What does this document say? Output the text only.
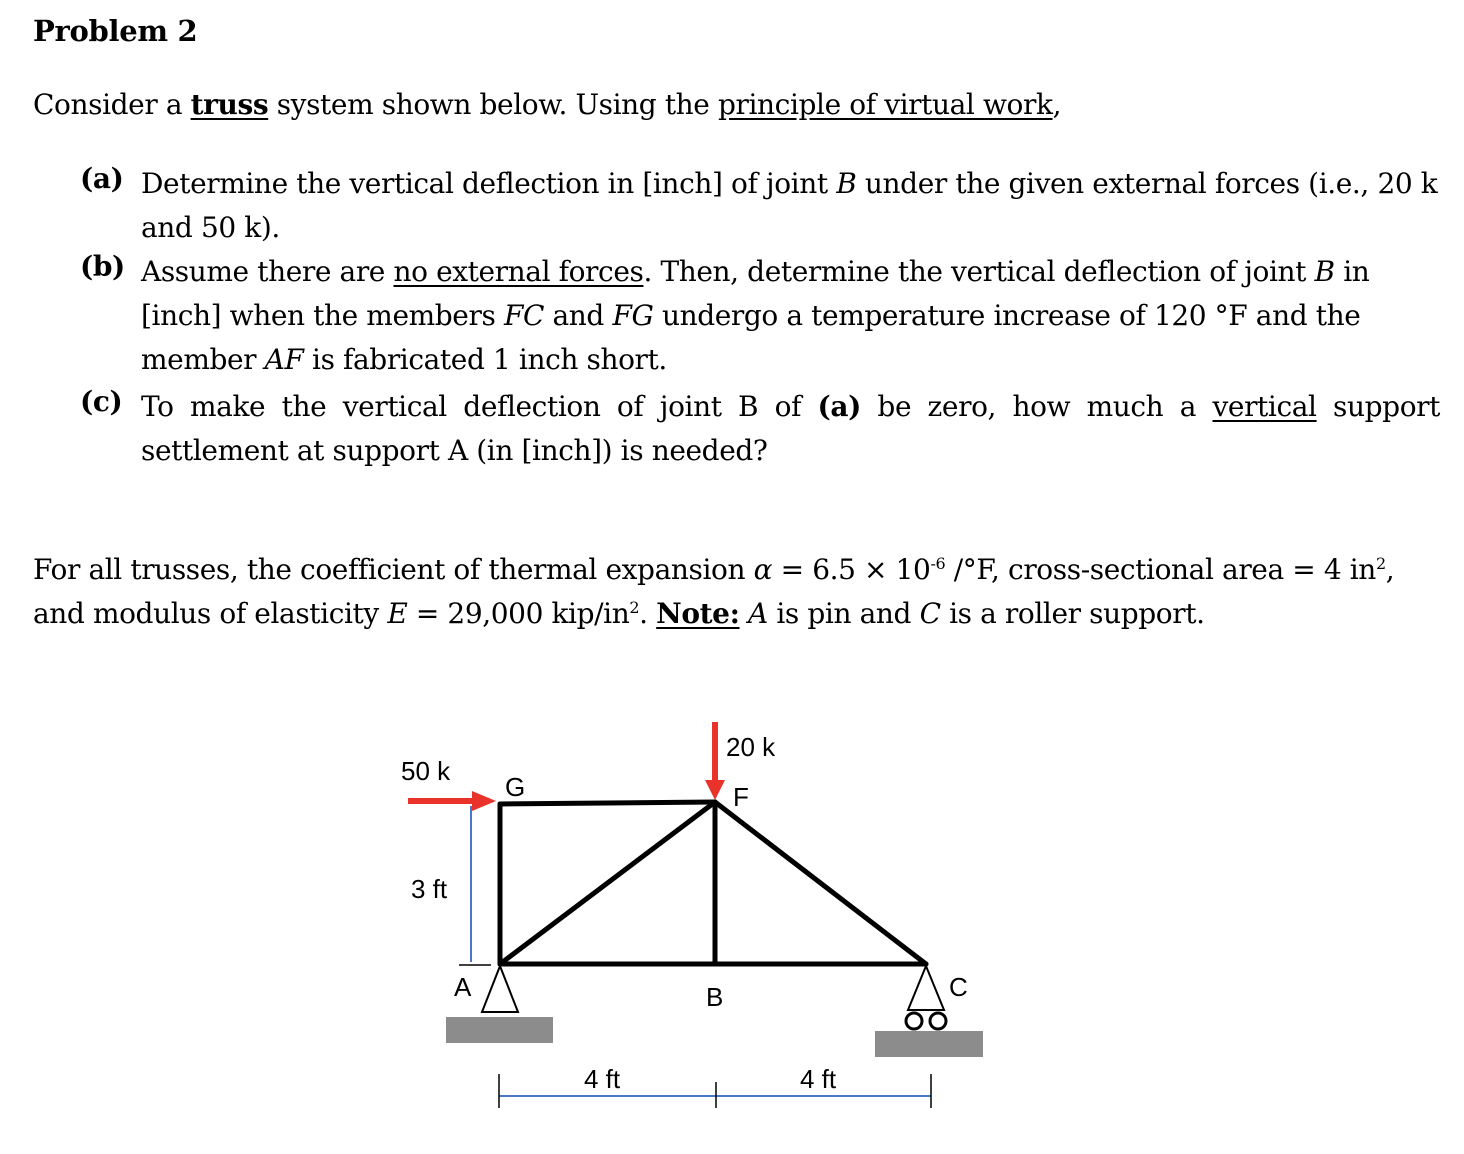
Problem 2
Consider a truss system shown below. Using the principle of virtual work,
(a) Determine the vertical deflection in [inch] of joint B under the given external forces (i.e., 20 k and 50 k).
(b) Assume there are no external forces. Then, determine the vertical deflection of joint B in [inch] when the members FC and FG undergo a temperature increase of 120 °F and the member AF is fabricated 1 inch short.
(c) To make the vertical deflection of joint B of (a) be zero, how much a vertical support settlement at support A (in [inch]) is needed?
For all trusses, the coefficient of thermal expansion $\alpha = 6.5 \times 10^{-6}$ /°F, cross-sectional area = 4 $in^2$, and modulus of elasticity E = 29,000 kip/$in^2$. Note: A is pin and C is a roller support.
50 k
20 k
G	F
A	B	C
3 ft
4 ft	4 ft
